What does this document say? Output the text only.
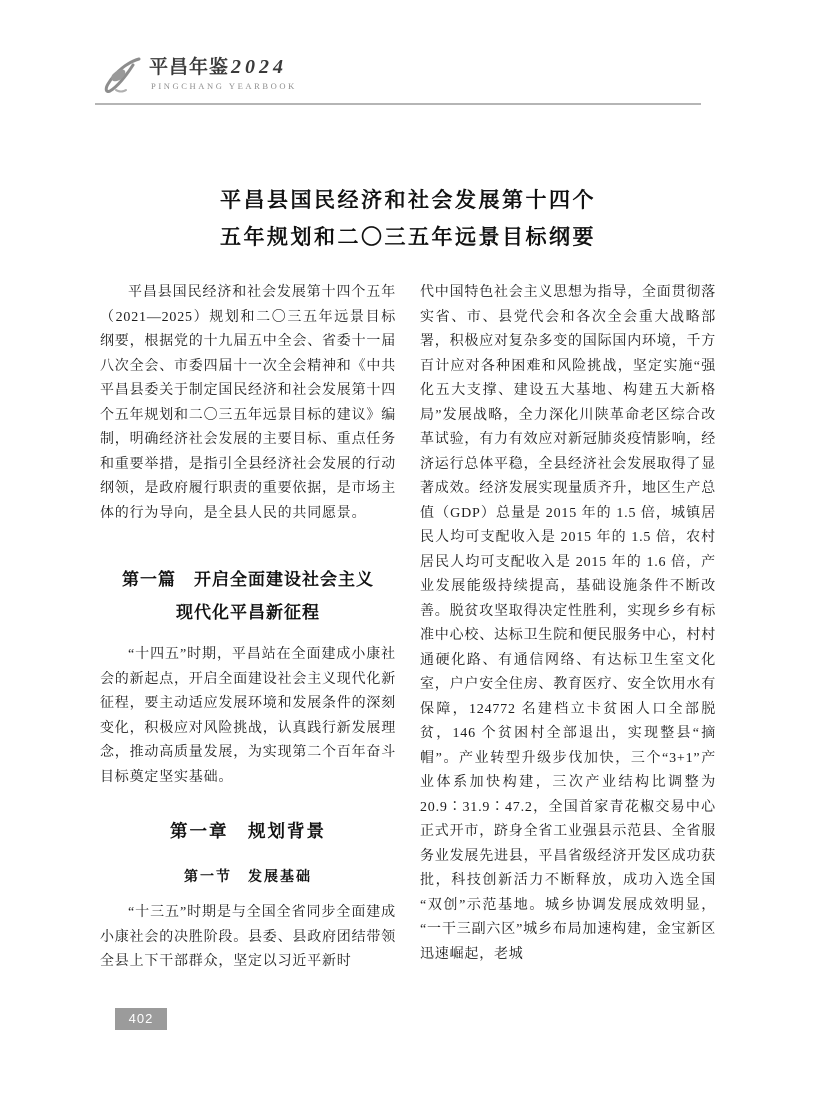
平昌年鉴 2024
PINGCHANG YEARBOOK
平昌县国民经济和社会发展第十四个
五年规划和二〇三五年远景目标纲要

平昌县国民经济和社会发展第十四个五年（2021—2025）规划和二〇三五年远景目标纲要，根据党的十九届五中全会、省委十一届八次全会、市委四届十一次全会精神和《中共平昌县委关于制定国民经济和社会发展第十四个五年规划和二〇三五年远景目标的建议》编制，明确经济社会发展的主要目标、重点任务和重要举措，是指引全县经济社会发展的行动纲领，是政府履行职责的重要依据，是市场主体的行为导向，是全县人民的共同愿景。

第一篇　开启全面建设社会主义
现代化平昌新征程

“十四五”时期，平昌站在全面建成小康社会的新起点，开启全面建设社会主义现代化新征程，要主动适应发展环境和发展条件的深刻变化，积极应对风险挑战，认真践行新发展理念，推动高质量发展，为实现第二个百年奋斗目标奠定坚实基础。

第一章　规划背景
第一节　发展基础

“十三五”时期是与全国全省同步全面建成小康社会的决胜阶段。县委、县政府团结带领全县上下干部群众，坚定以习近平新时

代中国特色社会主义思想为指导，全面贯彻落实省、市、县党代会和各次全会重大战略部署，积极应对复杂多变的国际国内环境，千方百计应对各种困难和风险挑战，坚定实施“强化五大支撑、建设五大基地、构建五大新格局”发展战略，全力深化川陕革命老区综合改革试验，有力有效应对新冠肺炎疫情影响，经济运行总体平稳，全县经济社会发展取得了显著成效。经济发展实现量质齐升，地区生产总值（GDP）总量是 2015 年的 1.5 倍，城镇居民人均可支配收入是 2015 年的 1.5 倍，农村居民人均可支配收入是 2015 年的 1.6 倍，产业发展能级持续提高，基础设施条件不断改善。脱贫攻坚取得决定性胜利，实现乡乡有标准中心校、达标卫生院和便民服务中心，村村通硬化路、有通信网络、有达标卫生室文化室，户户安全住房、教育医疗、安全饮用水有保障，124772 名建档立卡贫困人口全部脱贫，146 个贫困村全部退出，实现整县“摘帽”。产业转型升级步伐加快，三个“3+1”产业体系加快构建，三次产业结构比调整为 20.9∶31.9∶47.2，全国首家青花椒交易中心正式开市，跻身全省工业强县示范县、全省服务业发展先进县，平昌省级经济开发区成功获批，科技创新活力不断释放，成功入选全国“双创”示范基地。城乡协调发展成效明显，“一干三副六区”城乡布局加速构建，金宝新区迅速崛起，老城

402
